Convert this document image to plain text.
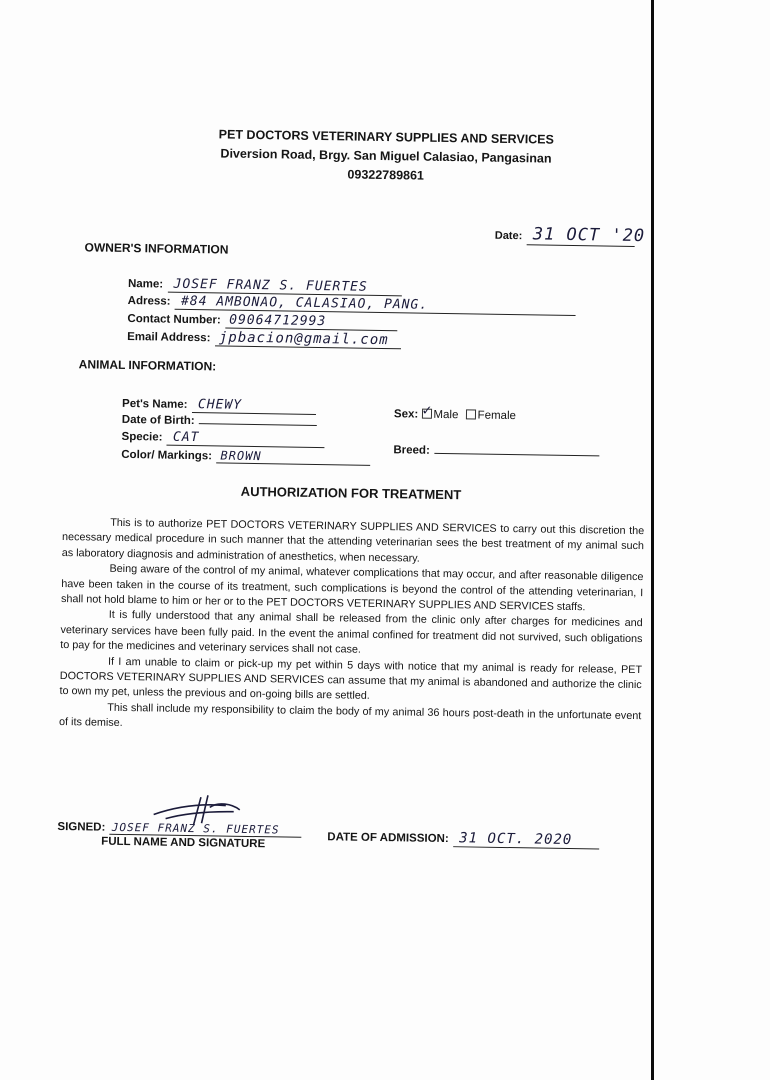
PET DOCTORS VETERINARY SUPPLIES AND SERVICES
Diversion Road, Brgy. San Miguel Calasiao, Pangasinan
09322789861
Date: 31 OCT '20
OWNER'S INFORMATION
Name: JOSEF FRANZ S. FUERTES
Adress: #84 AMBONAO, CALASIAO, PANG.
Contact Number: 09064712993
Email Address: jpbacion@gmail.com
ANIMAL INFORMATION:
Pet's Name: CHEWY
Date of Birth:
Specie: CAT
Color/ Markings: BROWN
Sex: ✓ Male Female
Breed:
AUTHORIZATION FOR TREATMENT

This is to authorize PET DOCTORS VETERINARY SUPPLIES AND SERVICES to carry out this discretion the necessary medical procedure in such manner that the attending veterinarian sees the best treatment of my animal such as laboratory diagnosis and administration of anesthetics, when necessary.

Being aware of the control of my animal, whatever complications that may occur, and after reasonable diligence have been taken in the course of its treatment, such complications is beyond the control of the attending veterinarian, I shall not hold blame to him or her or to the PET DOCTORS VETERINARY SUPPLIES AND SERVICES staffs.

It is fully understood that any animal shall be released from the clinic only after charges for medicines and veterinary services have been fully paid. In the event the animal confined for treatment did not survived, such obligations to pay for the medicines and veterinary services shall not case.

If I am unable to claim or pick-up my pet within 5 days with notice that my animal is ready for release, PET DOCTORS VETERINARY SUPPLIES AND SERVICES can assume that my animal is abandoned and authorize the clinic to own my pet, unless the previous and on-going bills are settled.

This shall include my responsibility to claim the body of my animal 36 hours post-death in the unfortunate event of its demise.

SIGNED: JOSEF FRANZ S. FUERTES
FULL NAME AND SIGNATURE	DATE OF ADMISSION: 31 OCT. 2020
